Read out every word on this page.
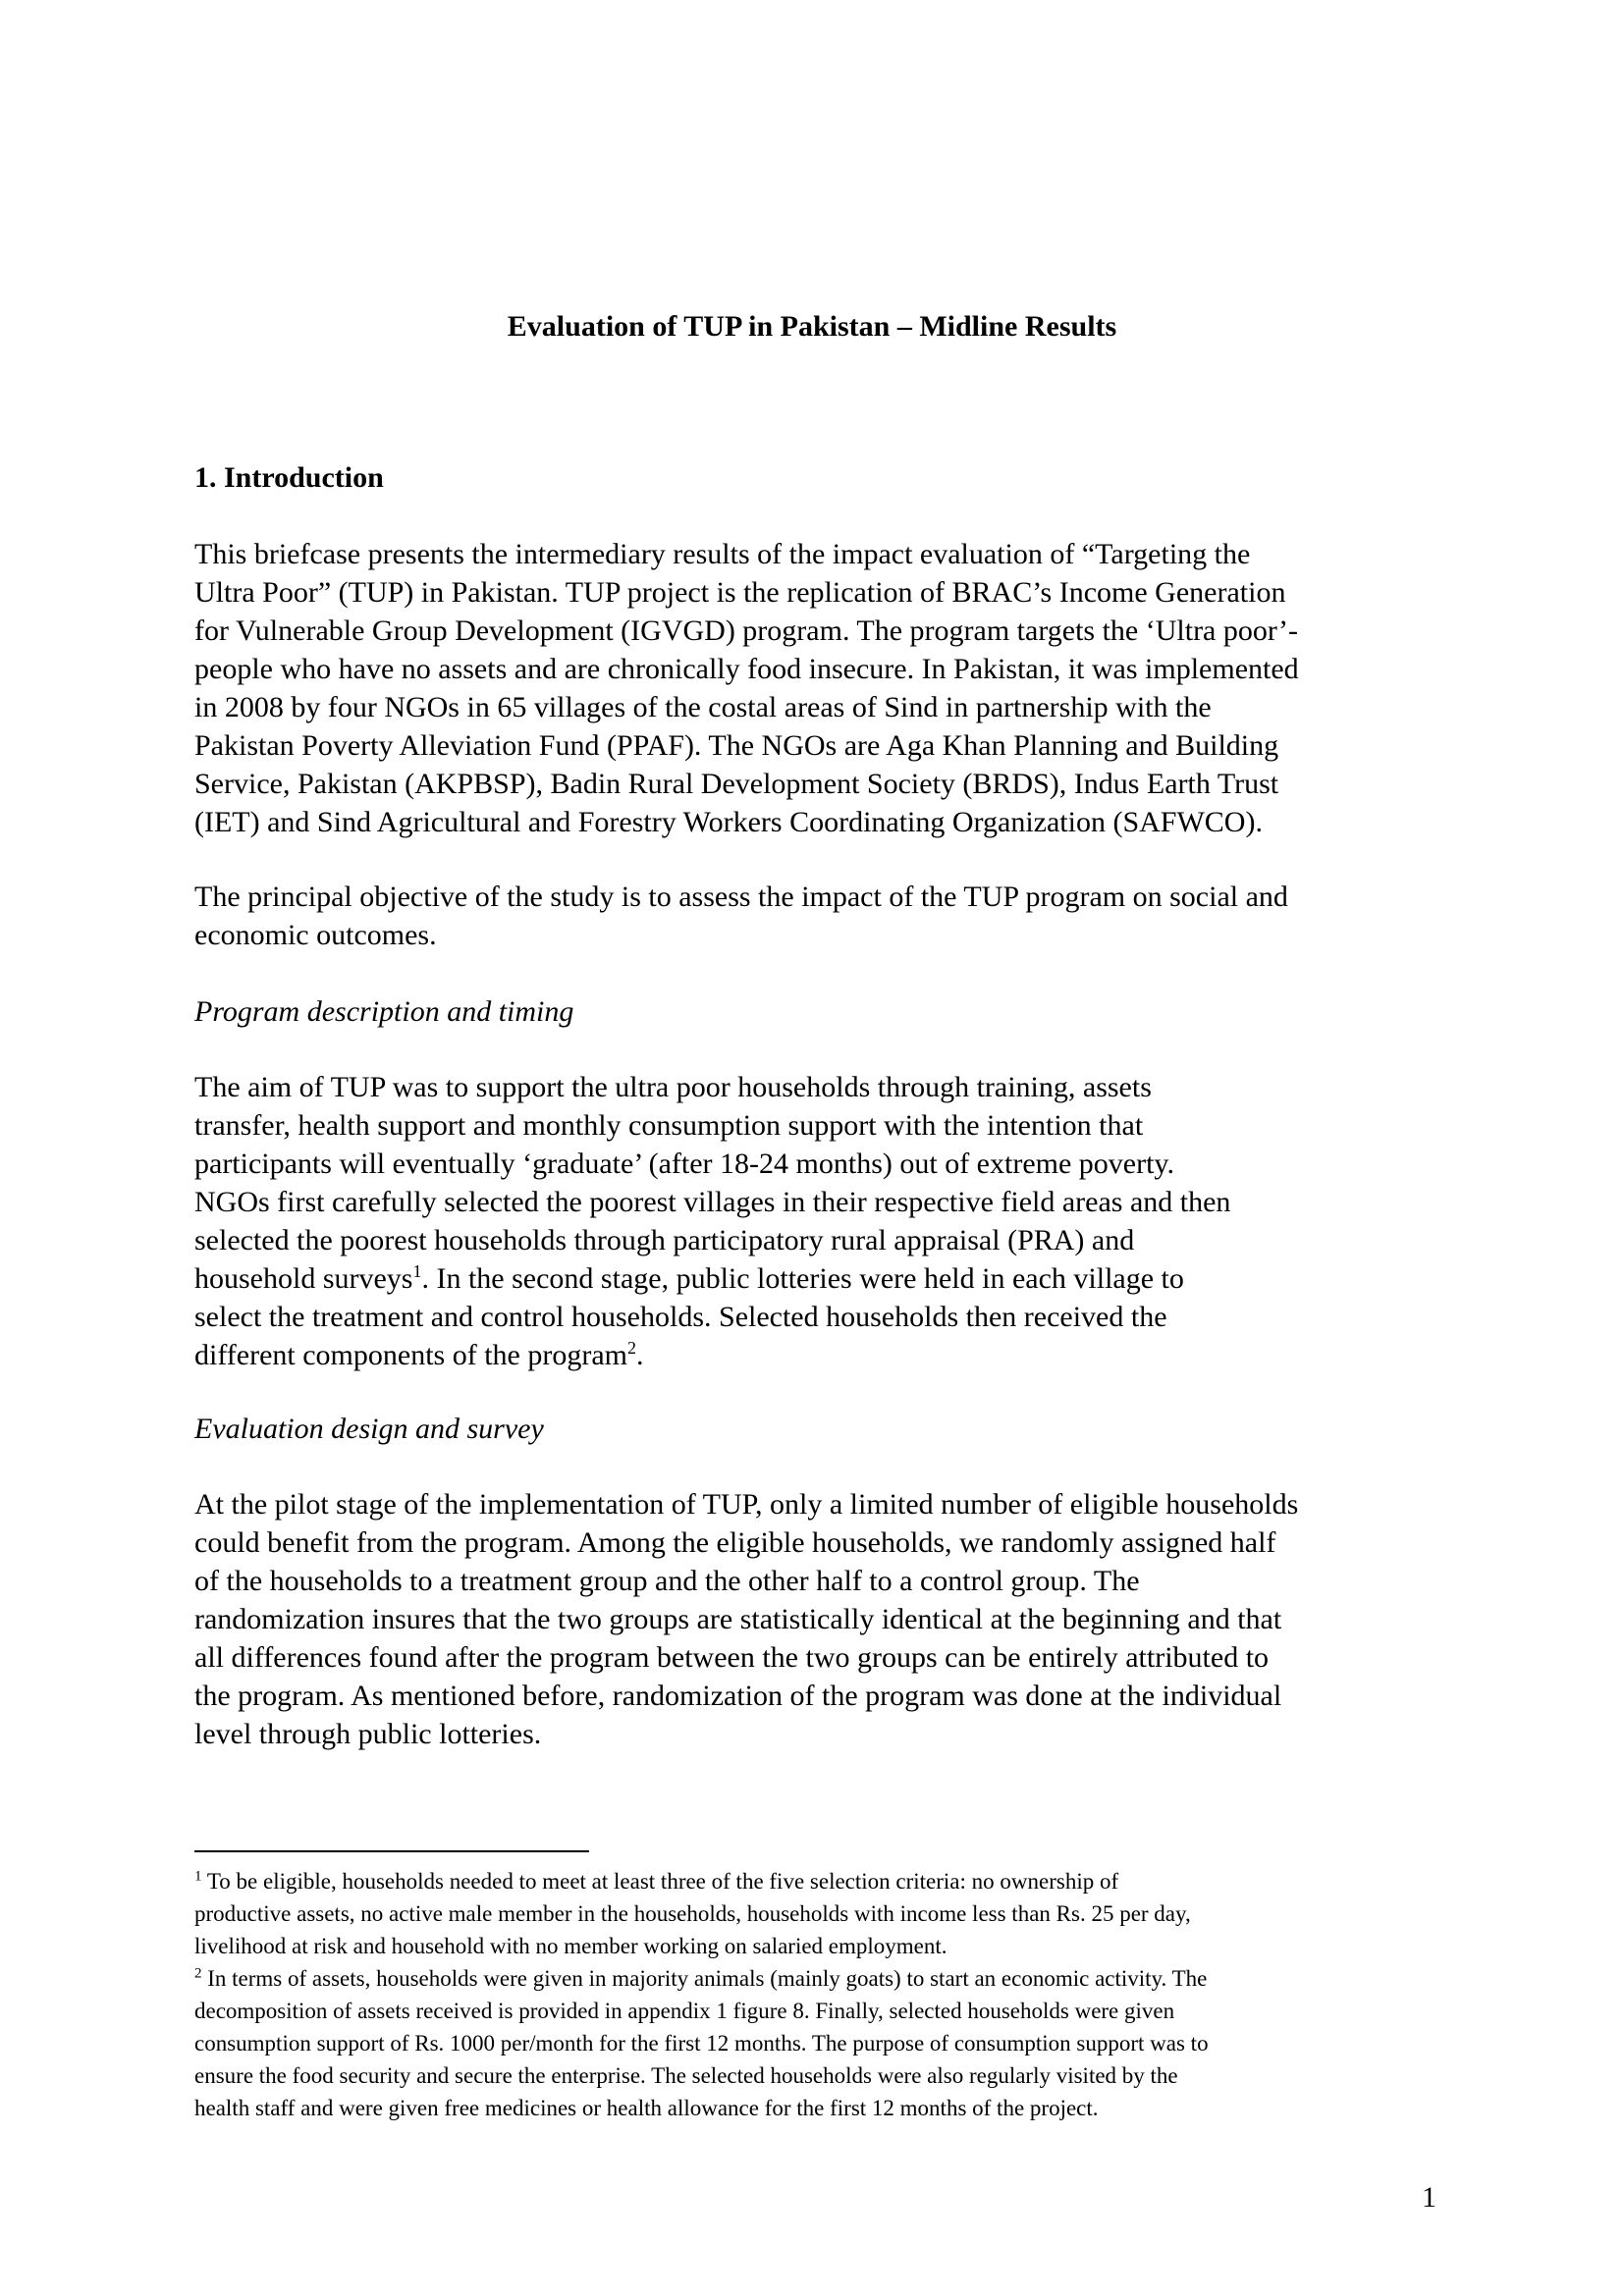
Evaluation of TUP in Pakistan – Midline Results
1. Introduction
This briefcase presents the intermediary results of the impact evaluation of “Targeting the
Ultra Poor” (TUP) in Pakistan. TUP project is the replication of BRAC’s Income Generation
for Vulnerable Group Development (IGVGD) program. The program targets the ‘Ultra poor’-
people who have no assets and are chronically food insecure. In Pakistan, it was implemented
in 2008 by four NGOs in 65 villages of the costal areas of Sind in partnership with the
Pakistan Poverty Alleviation Fund (PPAF). The NGOs are Aga Khan Planning and Building
Service, Pakistan (AKPBSP), Badin Rural Development Society (BRDS), Indus Earth Trust
(IET) and Sind Agricultural and Forestry Workers Coordinating Organization (SAFWCO).
The principal objective of the study is to assess the impact of the TUP program on social and
economic outcomes.
Program description and timing
The aim of TUP was to support the ultra poor households through training, assets
transfer, health support and monthly consumption support with the intention that
participants will eventually ‘graduate’ (after 18-24 months) out of extreme poverty.
NGOs first carefully selected the poorest villages in their respective field areas and then
selected the poorest households through participatory rural appraisal (PRA) and
household surveys$^1$. In the second stage, public lotteries were held in each village to
select the treatment and control households. Selected households then received the
different components of the program$^2$.
Evaluation design and survey
At the pilot stage of the implementation of TUP, only a limited number of eligible households
could benefit from the program. Among the eligible households, we randomly assigned half
of the households to a treatment group and the other half to a control group. The
randomization insures that the two groups are statistically identical at the beginning and that
all differences found after the program between the two groups can be entirely attributed to
the program. As mentioned before, randomization of the program was done at the individual
level through public lotteries.
$^1$ To be eligible, households needed to meet at least three of the five selection criteria: no ownership of
productive assets, no active male member in the households, households with income less than Rs. 25 per day,
livelihood at risk and household with no member working on salaried employment.
$^2$ In terms of assets, households were given in majority animals (mainly goats) to start an economic activity. The
decomposition of assets received is provided in appendix 1 figure 8. Finally, selected households were given
consumption support of Rs. 1000 per/month for the first 12 months. The purpose of consumption support was to
ensure the food security and secure the enterprise. The selected households were also regularly visited by the
health staff and were given free medicines or health allowance for the first 12 months of the project.
1
